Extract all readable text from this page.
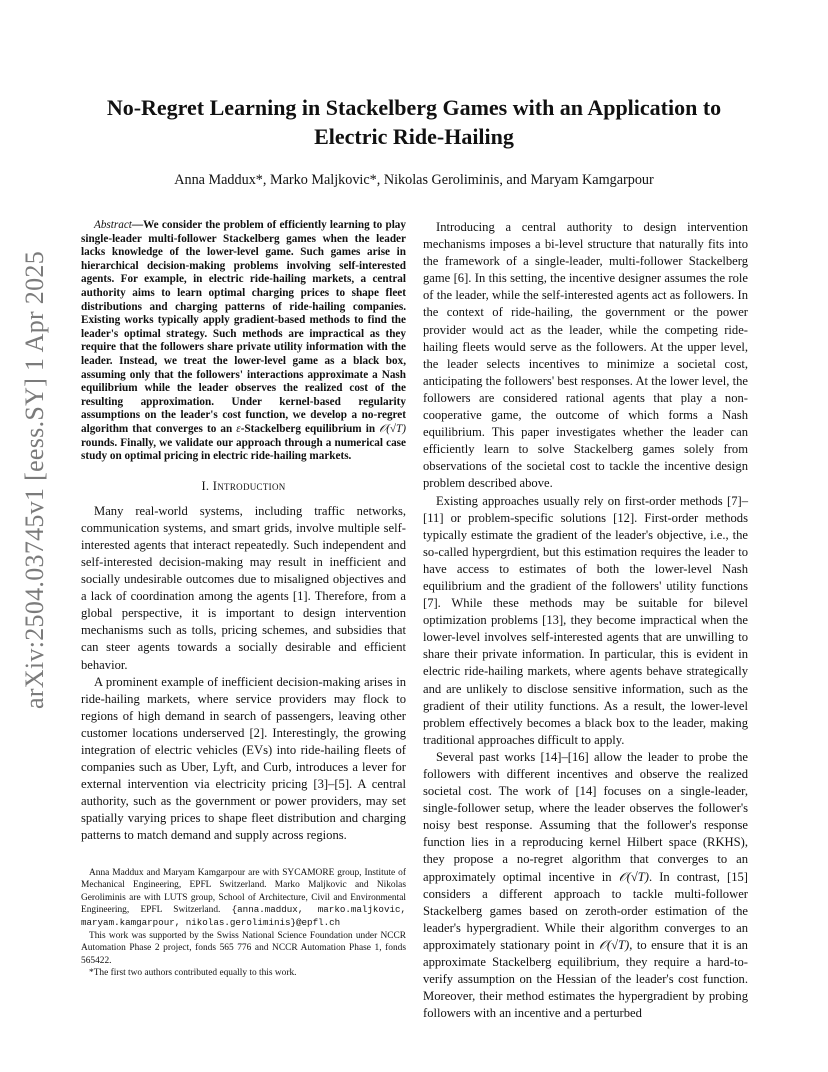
arXiv:2504.03745v1 [eess.SY] 1 Apr 2025
No-Regret Learning in Stackelberg Games with an Application to
Electric Ride-Hailing
Anna Maddux*, Marko Maljkovic*, Nikolas Geroliminis, and Maryam Kamgarpour

Abstract—We consider the problem of efficiently learning to play single-leader multi-follower Stackelberg games when the leader lacks knowledge of the lower-level game. Such games arise in hierarchical decision-making problems involving self-interested agents. For example, in electric ride-hailing markets, a central authority aims to learn optimal charging prices to shape fleet distributions and charging patterns of ride-hailing companies. Existing works typically apply gradient-based methods to find the leader's optimal strategy. Such methods are impractical as they require that the followers share private utility information with the leader. Instead, we treat the lower-level game as a black box, assuming only that the followers' interactions approximate a Nash equilibrium while the leader observes the realized cost of the resulting approximation. Under kernel-based regularity assumptions on the leader's cost function, we develop a no-regret algorithm that converges to an ε-Stackelberg equilibrium in 𝒪(√T) rounds. Finally, we validate our approach through a numerical case study on optimal pricing in electric ride-hailing markets.

I. Introduction

Many real-world systems, including traffic networks, communication systems, and smart grids, involve multiple self-interested agents that interact repeatedly. Such independent and self-interested decision-making may result in inefficient and socially undesirable outcomes due to misaligned objectives and a lack of coordination among the agents [1]. Therefore, from a global perspective, it is important to design intervention mechanisms such as tolls, pricing schemes, and subsidies that can steer agents towards a socially desirable and efficient behavior.

A prominent example of inefficient decision-making arises in ride-hailing markets, where service providers may flock to regions of high demand in search of passengers, leaving other customer locations underserved [2]. Interestingly, the growing integration of electric vehicles (EVs) into ride-hailing fleets of companies such as Uber, Lyft, and Curb, introduces a lever for external intervention via electricity pricing [3]–[5]. A central authority, such as the government or power providers, may set spatially varying prices to shape fleet distribution and charging patterns to match demand and supply across regions.

Anna Maddux and Maryam Kamgarpour are with SYCAMORE group, Institute of Mechanical Engineering, EPFL Switzerland. Marko Maljkovic and Nikolas Geroliminis are with LUTS group, School of Architecture, Civil and Environmental Engineering, EPFL Switzerland. {anna.maddux, marko.maljkovic, maryam.kamgarpour, nikolas.geroliminis}@epfl.ch

This work was supported by the Swiss National Science Foundation under NCCR Automation Phase 2 project, fonds 565 776 and NCCR Automation Phase 1, fonds 565422.

*The first two authors contributed equally to this work.

Introducing a central authority to design intervention mechanisms imposes a bi-level structure that naturally fits into the framework of a single-leader, multi-follower Stackelberg game [6]. In this setting, the incentive designer assumes the role of the leader, while the self-interested agents act as followers. In the context of ride-hailing, the government or the power provider would act as the leader, while the competing ride-hailing fleets would serve as the followers. At the upper level, the leader selects incentives to minimize a societal cost, anticipating the followers' best responses. At the lower level, the followers are considered rational agents that play a non-cooperative game, the outcome of which forms a Nash equilibrium. This paper investigates whether the leader can efficiently learn to solve Stackelberg games solely from observations of the societal cost to tackle the incentive design problem described above.

Existing approaches usually rely on first-order methods [7]–[11] or problem-specific solutions [12]. First-order methods typically estimate the gradient of the leader's objective, i.e., the so-called hypergrdient, but this estimation requires the leader to have access to estimates of both the lower-level Nash equilibrium and the gradient of the followers' utility functions [7]. While these methods may be suitable for bilevel optimization problems [13], they become impractical when the lower-level involves self-interested agents that are unwilling to share their private information. In particular, this is evident in electric ride-hailing markets, where agents behave strategically and are unlikely to disclose sensitive information, such as the gradient of their utility functions. As a result, the lower-level problem effectively becomes a black box to the leader, making traditional approaches difficult to apply.

Several past works [14]–[16] allow the leader to probe the followers with different incentives and observe the realized societal cost. The work of [14] focuses on a single-leader, single-follower setup, where the leader observes the follower's noisy best response. Assuming that the follower's response function lies in a reproducing kernel Hilbert space (RKHS), they propose a no-regret algorithm that converges to an approximately optimal incentive in 𝒪(√T). In contrast, [15] considers a different approach to tackle multi-follower Stackelberg games based on zeroth-order estimation of the leader's hypergradient. While their algorithm converges to an approximately stationary point in 𝒪(√T), to ensure that it is an approximate Stackelberg equilibrium, they require a hard-to-verify assumption on the Hessian of the leader's cost function. Moreover, their method estimates the hypergradient by probing followers with an incentive and a perturbed
